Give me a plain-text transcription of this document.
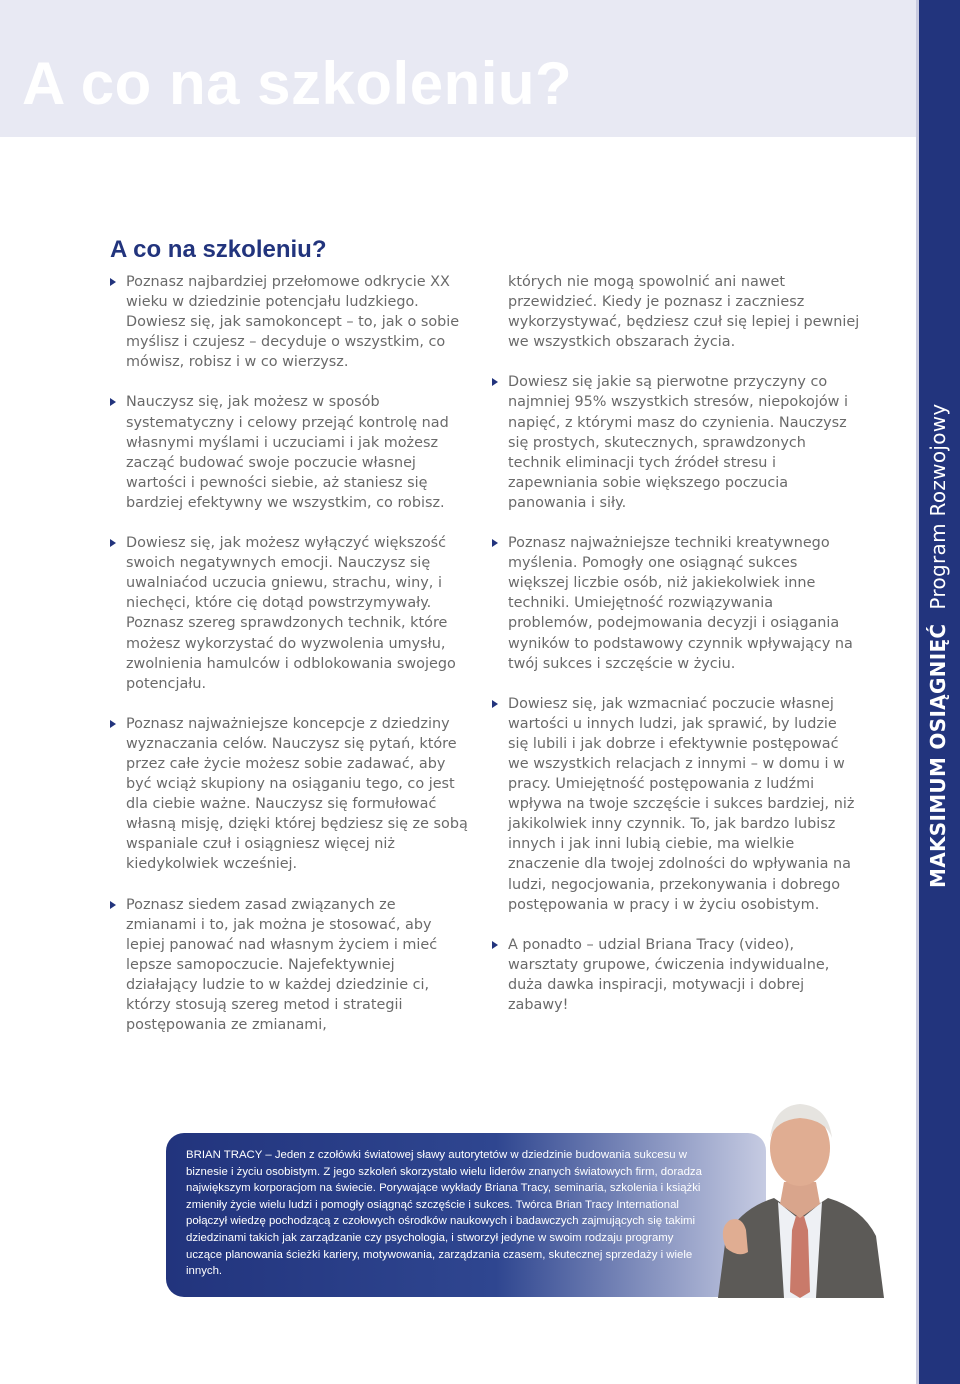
A co na szkoleniu?
MAKSIMUM OSIĄGNIĘĆProgram Rozwojowy
A co na szkoleniu?

Poznasz najbardziej przełomowe odkrycie XX wieku w dziedzinie potencjału ludzkiego. Dowiesz się, jak samokoncept – to, jak o sobie myślisz i czujesz – decyduje o wszystkim, co mówisz, robisz i w co wierzysz.

Nauczysz się, jak możesz w sposób systematyczny i celowy przejąć kontrolę nad własnymi myślami i uczuciami i jak możesz zacząć budować swoje poczucie własnej wartości i pewności siebie, aż staniesz się bardziej efektywny we wszystkim, co robisz.

Dowiesz się, jak możesz wyłączyć większość swoich negatywnych emocji. Nauczysz się uwalniaćod uczucia gniewu, strachu, winy, i niechęci, które cię dotąd powstrzymywały. Poznasz szereg sprawdzonych technik, które możesz wykorzystać do wyzwolenia umysłu, zwolnienia hamulców i odblokowania swojego potencjału.

Poznasz najważniejsze koncepcje z dziedziny wyznaczania celów. Nauczysz się pytań, które przez całe życie możesz sobie zadawać, aby być wciąż skupiony na osiąganiu tego, co jest dla ciebie ważne. Nauczysz się formułować własną misję, dzięki której będziesz się ze sobą wspaniale czuł i osiągniesz więcej niż kiedykolwiek wcześniej.

Poznasz siedem zasad związanych ze zmianami i to, jak można je stosować, aby lepiej panować nad własnym życiem i mieć lepsze samopoczucie. Najefektywniej działający ludzie to w każdej dziedzinie ci, którzy stosują szereg metod i strategii postępowania ze zmianami,

których nie mogą spowolnić ani nawet przewidzieć. Kiedy je poznasz i zaczniesz wykorzystywać, będziesz czuł się lepiej i pewniej we wszystkich obszarach życia.

Dowiesz się jakie są pierwotne przyczyny co najmniej 95% wszystkich stresów, niepokojów i napięć, z którymi masz do czynienia. Nauczysz się prostych, skutecznych, sprawdzonych technik eliminacji tych źródeł stresu i zapewniania sobie większego poczucia panowania i siły.

Poznasz najważniejsze techniki kreatywnego myślenia. Pomogły one osiągnąć sukces większej liczbie osób, niż jakiekolwiek inne techniki. Umiejętność rozwiązywania problemów, podejmowania decyzji i osiągania wyników to podstawowy czynnik wpływający na twój sukces i szczęście w życiu.

Dowiesz się, jak wzmacniać poczucie własnej wartości u innych ludzi, jak sprawić, by ludzie się lubili i jak dobrze i efektywnie postępować we wszystkich relacjach z innymi – w domu i w pracy. Umiejętność postępowania z ludźmi wpływa na twoje szczęście i sukces bardziej, niż jakikolwiek inny czynnik. To, jak bardzo lubisz innych i jak inni lubią ciebie, ma wielkie znaczenie dla twojej zdolności do wpływania na ludzi, negocjowania, przekonywania i dobrego postępowania w pracy i w życiu osobistym.

A ponadto – udzial Briana Tracy (video), warsztaty grupowe, ćwiczenia indywidualne, duża dawka inspiracji, motywacji i dobrej zabawy!

BRIAN TRACY – Jeden z czołówki światowej sławy autorytetów w dziedzinie budowania sukcesu w biznesie i życiu osobistym. Z jego szkoleń skorzystało wielu liderów znanych światowych firm, doradza największym korporacjom na świecie. Porywające wykłady Briana Tracy, seminaria, szkolenia i książki zmieniły życie wielu ludzi i pomogły osiągnąć szczęście i sukces. Twórca Brian Tracy International połączył wiedzę pochodzącą z czołowych ośrodków naukowych i badawczych zajmujących się takimi dziedzinami takich jak zarządzanie czy psychologia, i stworzył jedyne w swoim rodzaju programy uczące planowania ścieżki kariery, motywowania, zarządzania czasem, skutecznej sprzedaży i wiele innych.
